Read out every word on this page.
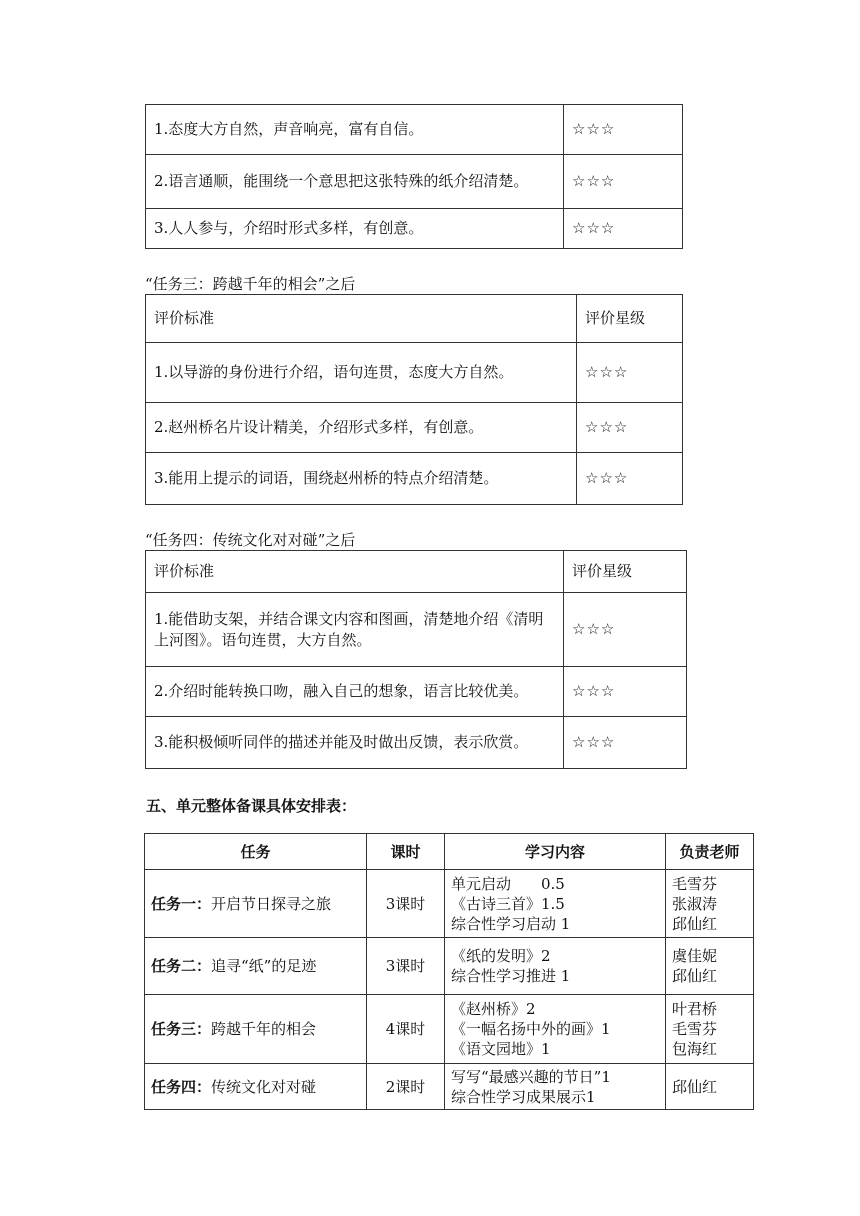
1.态度大方自然，声音响亮，富有自信。	☆☆☆
2.语言通顺，能围绕一个意思把这张特殊的纸介绍清楚。	☆☆☆
3.人人参与，介绍时形式多样，有创意。	☆☆☆
“任务三：跨越千年的相会”之后
评价标准	评价星级
1.以导游的身份进行介绍，语句连贯，态度大方自然。	☆☆☆
2.赵州桥名片设计精美，介绍形式多样，有创意。	☆☆☆
3.能用上提示的词语，围绕赵州桥的特点介绍清楚。	☆☆☆
“任务四：传统文化对对碰”之后
评价标准	评价星级
1.能借助支架，并结合课文内容和图画，清楚地介绍《清明上河图》。语句连贯，大方自然。	☆☆☆
2.介绍时能转换口吻，融入自己的想象，语言比较优美。	☆☆☆
3.能积极倾听同伴的描述并能及时做出反馈，表示欣赏。	☆☆☆
五、单元整体备课具体安排表：
任务	课时	学习内容	负责老师
任务一：开启节日探寻之旅	3课时	单元启动　　0.5
《古诗三首》1.5
综合性学习启动 1	毛雪芬
张淑涛
邱仙红

任务二：追寻“纸”的足迹	3课时	《纸的发明》2
综合性学习推进 1	虞佳妮
邱仙红

任务三：跨越千年的相会	4课时	《赵州桥》2
《一幅名扬中外的画》1
《语文园地》1	叶君桥
毛雪芬
包海红

任务四：传统文化对对碰	2课时	写写“最感兴趣的节日”1
综合性学习成果展示1	邱仙红
